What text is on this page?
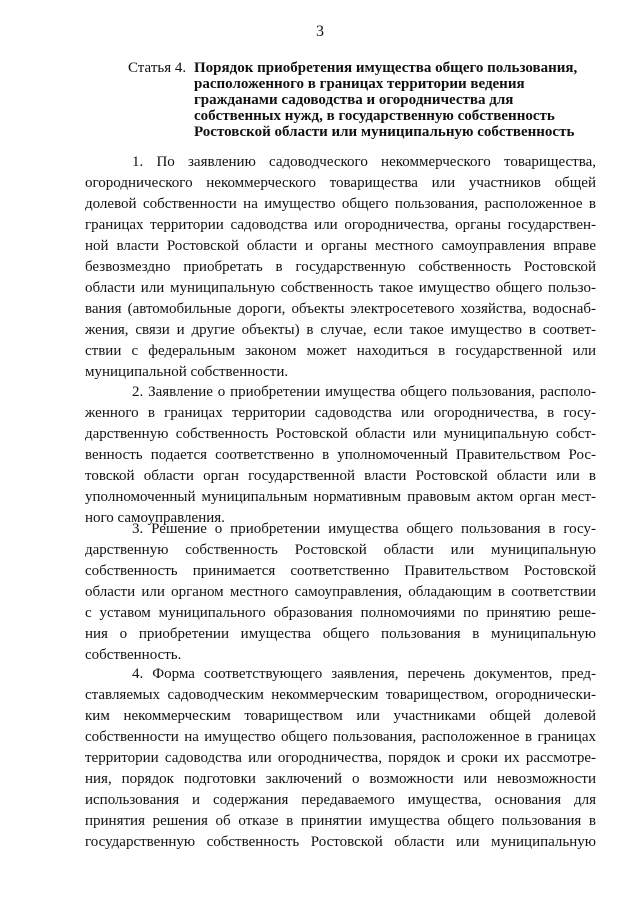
3
Статья 4. Порядок приобретения имущества общего пользования,
расположенного в границах территории ведения
гражданами садоводства и огородничества для
собственных нужд, в государственную собственность
Ростовской области или муниципальную собственность
1. По заявлению садоводческого некоммерческого товарищества,
огороднического некоммерческого товарищества или участников общей
долевой собственности на имущество общего пользования, расположенное в
границах территории садоводства или огородничества, органы государствен-
ной власти Ростовской области и органы местного самоуправления вправе
безвозмездно приобретать в государственную собственность Ростовской
области или муниципальную собственность такое имущество общего пользо-
вания (автомобильные дороги, объекты электросетевого хозяйства, водоснаб-
жения, связи и другие объекты) в случае, если такое имущество в соответ-
ствии с федеральным законом может находиться в государственной или
муниципальной собственности.
2. Заявление о приобретении имущества общего пользования, располо-
женного в границах территории садоводства или огородничества, в госу-
дарственную собственность Ростовской области или муниципальную собст-
венность подается соответственно в уполномоченный Правительством Рос-
товской области орган государственной власти Ростовской области или в
уполномоченный муниципальным нормативным правовым актом орган мест-
ного самоуправления.
3. Решение о приобретении имущества общего пользования в госу-
дарственную собственность Ростовской области или муниципальную
собственность принимается соответственно Правительством Ростовской
области или органом местного самоуправления, обладающим в соответствии
с уставом муниципального образования полномочиями по принятию реше-
ния о приобретении имущества общего пользования в муниципальную
собственность.
4. Форма соответствующего заявления, перечень документов, пред-
ставляемых садоводческим некоммерческим товариществом, огороднически-
ким некоммерческим товариществом или участниками общей долевой
собственности на имущество общего пользования, расположенное в границах
территории садоводства или огородничества, порядок и сроки их рассмотре-
ния, порядок подготовки заключений о возможности или невозможности
использования и содержания передаваемого имущества, основания для
принятия решения об отказе в принятии имущества общего пользования в
государственную собственность Ростовской области или муниципальную
